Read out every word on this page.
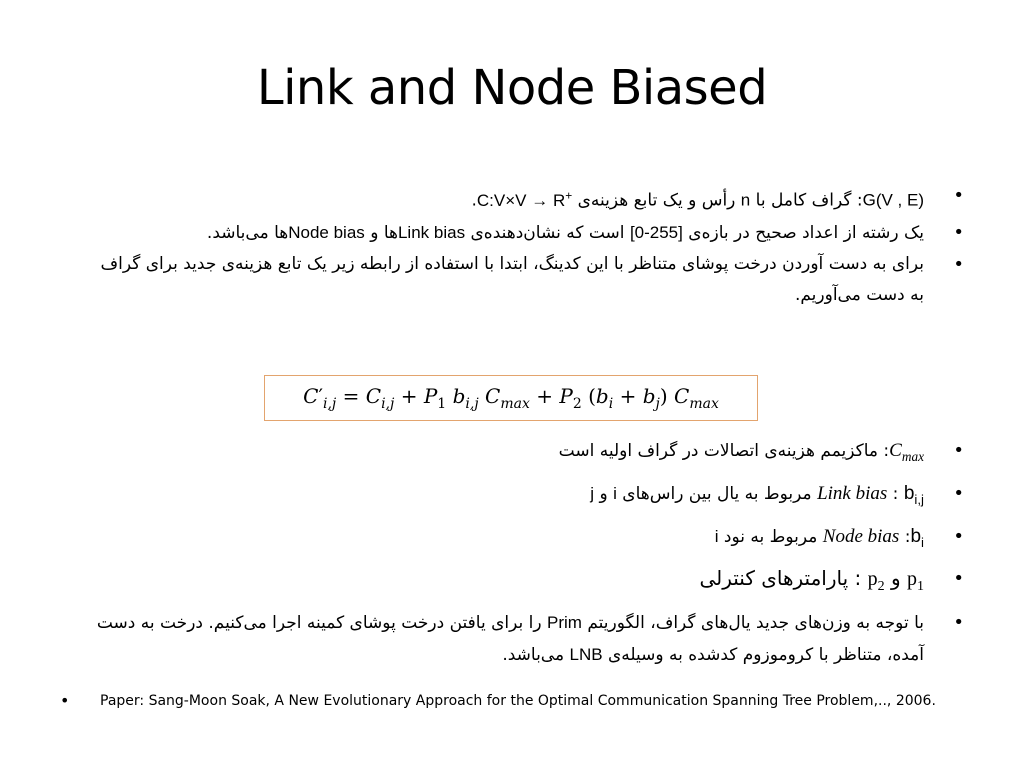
Link and Node Biased
•
G(V , E): گراف کامل با n رأس و یک تابع هزینه‌ی C:V×V → R+.
•
یک رشته از اعداد صحیح در بازه‌ی [0-255] است که نشان‌دهنده‌ی Link biasها و Node biasها می‌باشد.
•
برای به دست آوردن درخت پوشای متناظر با این کدینگ، ابتدا با استفاده از رابطه زیر یک تابع هزینه‌ی جدید برای گراف به دست می‌آوریم.
$C'_{i,j} = C_{i,j} + P_1$ $b_{i,j}$ $C_{max} + P_2$ $(b_i + b_j)$ $C_{max}$
•
$C_{max}$: ماکزیمم هزینه‌ی اتصالات در گراف اولیه است
•
$b_{i,j}$ : Link bias مربوط به یال بین راس‌های i و j
•
$b_i$: Node bias مربوط به نود i
•
$p_1$ و $p_2$ : پارامترهای کنترلی
•
با توجه به وزن‌های جدید یال‌های گراف، الگوریتم Prim را برای یافتن درخت پوشای کمینه اجرا می‌کنیم. درخت به دست آمده، متناظر با کروموزوم کدشده به وسیله‌ی LNB می‌باشد.
• Paper: Sang-Moon Soak, A New Evolutionary Approach for the Optimal Communication Spanning Tree Problem,.., 2006.
